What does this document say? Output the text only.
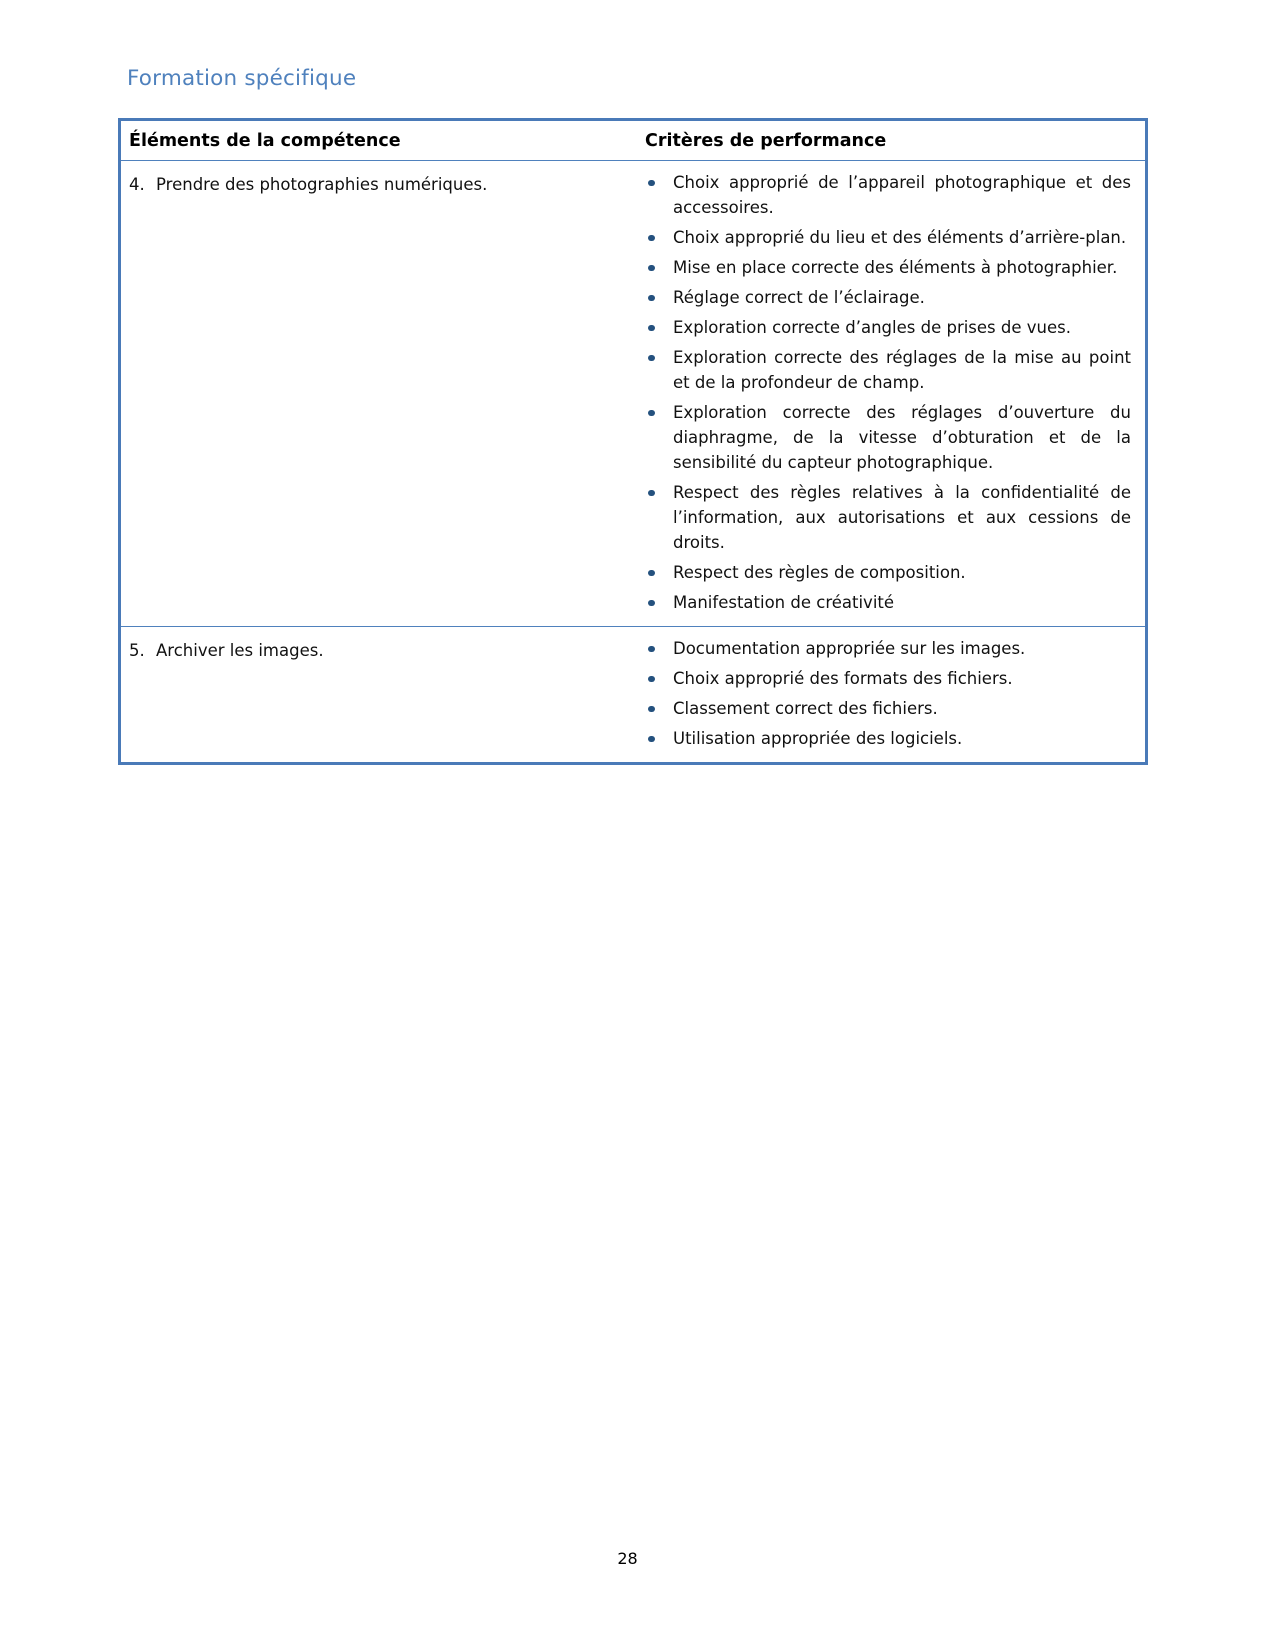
Formation spécifique
Éléments de la compétence	Critères de performance
4. Prendre des photographies numériques.	Choix approprié de l’appareil photographique et des accessoires.
Choix approprié du lieu et des éléments d’arrière-plan.
Mise en place correcte des éléments à photographier.
Réglage correct de l’éclairage.
Exploration correcte d’angles de prises de vues.
Exploration correcte des réglages de la mise au point et de la profondeur de champ.
Exploration correcte des réglages d’ouverture du diaphragme, de la vitesse d’obturation et de la sensibilité du capteur photographique.
Respect des règles relatives à la confidentialité de l’information, aux autorisations et aux cessions de droits.
Respect des règles de composition.
Manifestation de créativité
5. Archiver les images.	Documentation appropriée sur les images.
Choix approprié des formats des fichiers.
Classement correct des fichiers.
Utilisation appropriée des logiciels.
28
